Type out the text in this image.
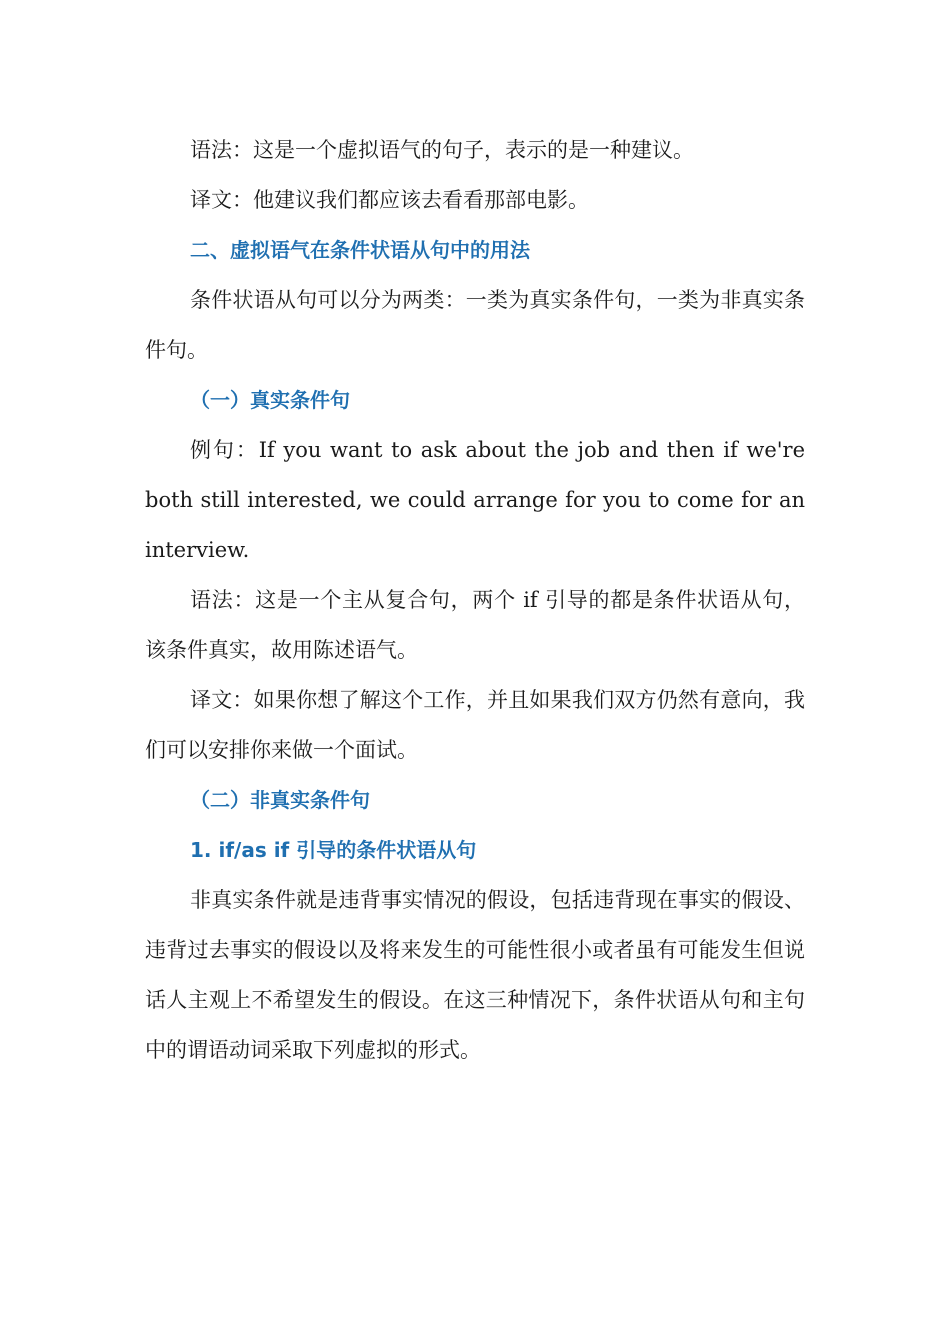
语法：这是一个虚拟语气的句子，表示的是一种建议。

译文：他建议我们都应该去看看那部电影。

二、虚拟语气在条件状语从句中的用法

条件状语从句可以分为两类：一类为真实条件句，一类为非真实条件句。

（一）真实条件句

例句：If you want to ask about the job and then if we're both still interested, we could arrange for you to come for an interview.

语法：这是一个主从复合句，两个 if 引导的都是条件状语从句，该条件真实，故用陈述语气。

译文：如果你想了解这个工作，并且如果我们双方仍然有意向，我们可以安排你来做一个面试。

（二）非真实条件句

1. if/as if 引导的条件状语从句

非真实条件就是违背事实情况的假设，包括违背现在事实的假设、违背过去事实的假设以及将来发生的可能性很小或者虽有可能发生但说话人主观上不希望发生的假设。在这三种情况下，条件状语从句和主句中的谓语动词采取下列虚拟的形式。
